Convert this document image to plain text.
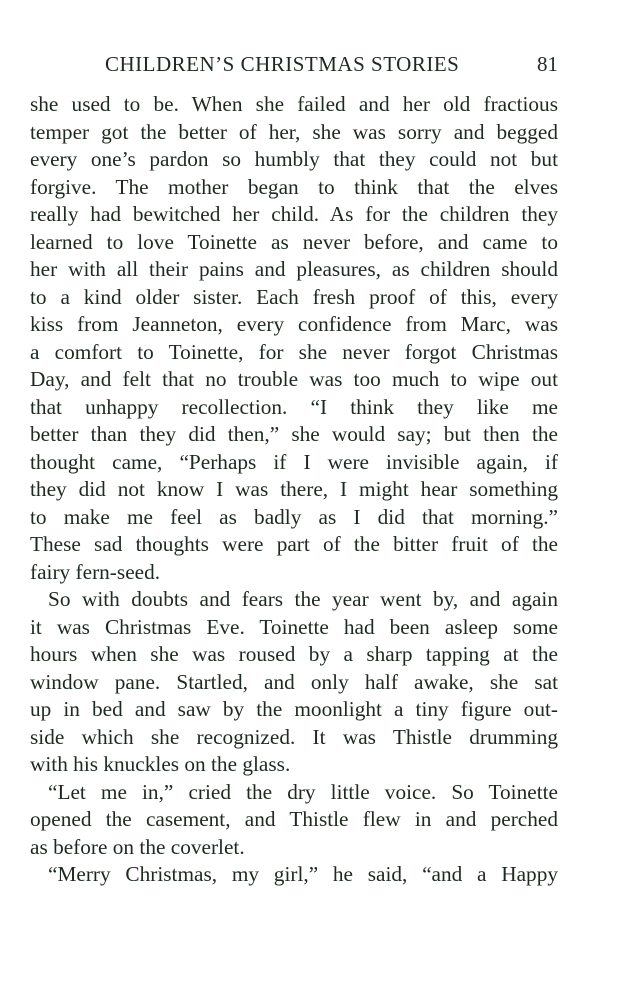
CHILDREN’S CHRISTMAS STORIES	81
she used to be. When she failed and her old fractious
temper got the better of her, she was sorry and begged
every one’s pardon so humbly that they could not but
forgive. The mother began to think that the elves
really had bewitched her child. As for the children they
learned to love Toinette as never before, and came to
her with all their pains and pleasures, as children should
to a kind older sister. Each fresh proof of this, every
kiss from Jeanneton, every confidence from Marc, was
a comfort to Toinette, for she never forgot Christmas
Day, and felt that no trouble was too much to wipe out
that unhappy recollection. “I think they like me
better than they did then,” she would say; but then the
thought came, “Perhaps if I were invisible again, if
they did not know I was there, I might hear something
to make me feel as badly as I did that morning.”
These sad thoughts were part of the bitter fruit of the
fairy fern-seed.
So with doubts and fears the year went by, and again
it was Christmas Eve. Toinette had been asleep some
hours when she was roused by a sharp tapping at the
window pane. Startled, and only half awake, she sat
up in bed and saw by the moonlight a tiny figure out-
side which she recognized. It was Thistle drumming
with his knuckles on the glass.
“Let me in,” cried the dry little voice. So Toinette
opened the casement, and Thistle flew in and perched
as before on the coverlet.
“Merry Christmas, my girl,” he said, “and a Happy
